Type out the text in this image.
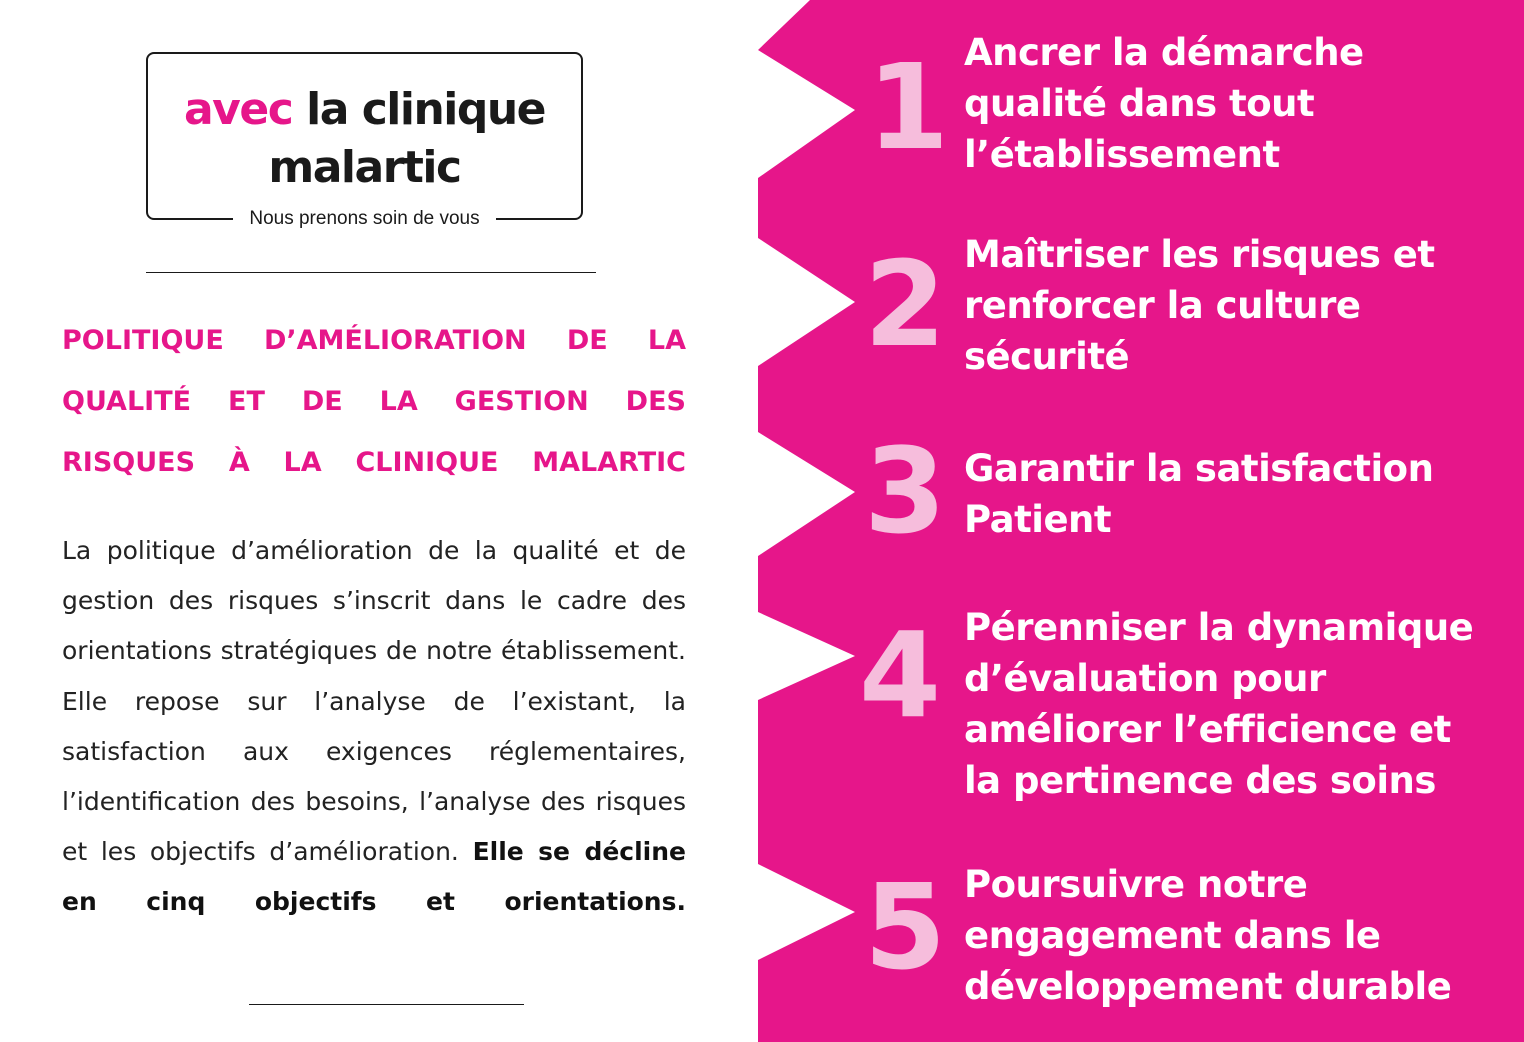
avec la clinique
malartic
Nous prenons soin de vous
POLITIQUE D’AMÉLIORATION DE LA QUALITÉ ET DE LA GESTION DES RISQUES À LA CLINIQUE MALARTIC

La politique d’amélioration de la qualité et de gestion des risques s’inscrit dans le cadre des orientations stratégiques de notre établissement. Elle repose sur l’analyse de l’existant, la satisfaction aux exigences réglementaires, l’identification des besoins, l’analyse des risques et les objectifs d’amélioration. Elle se décline en cinq objectifs et orientations.

1 Ancrer la démarche qualité dans tout l’établissement

2 Maîtriser les risques et renforcer la culture sécurité

3 Garantir la satisfaction Patient

4 Pérenniser la dynamique d’évaluation pour améliorer l’efficience et la pertinence des soins

5 Poursuivre notre engagement dans le développement durable
